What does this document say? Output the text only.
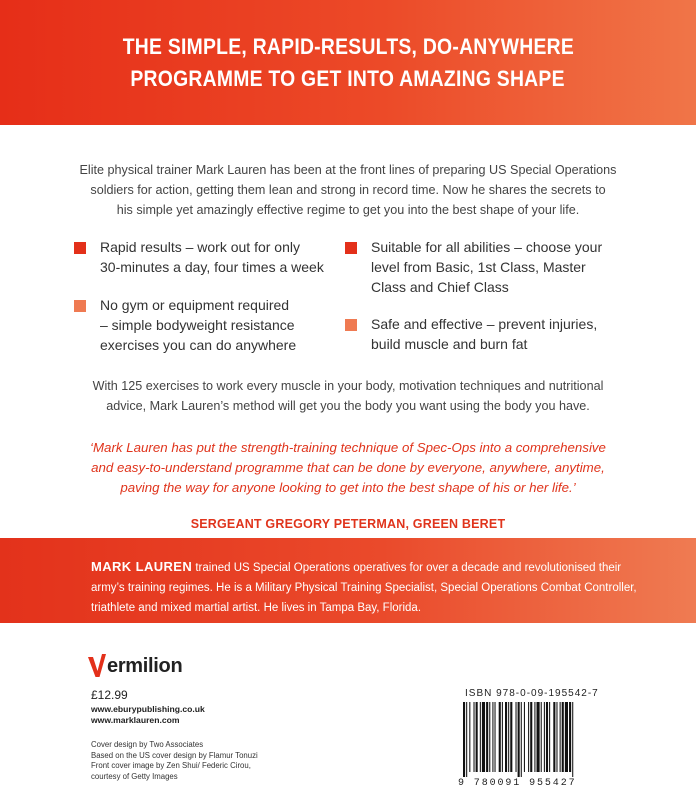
THE SIMPLE, RAPID-RESULTS, DO-ANYWHERE
PROGRAMME TO GET INTO AMAZING SHAPE
Elite physical trainer Mark Lauren has been at the front lines of preparing US Special Operations
soldiers for action, getting them lean and strong in record time. Now he shares the secrets to
his simple yet amazingly effective regime to get you into the best shape of your life.
Rapid results – work out for only
30-minutes a day, four times a week
Suitable for all abilities – choose your
level from Basic, 1st Class, Master
Class and Chief Class
No gym or equipment required
– simple bodyweight resistance
exercises you can do anywhere
Safe and effective – prevent injuries,
build muscle and burn fat
With 125 exercises to work every muscle in your body, motivation techniques and nutritional
advice, Mark Lauren’s method will get you the body you want using the body you have.
‘Mark Lauren has put the strength-training technique of Spec-Ops into a comprehensive
and easy-to-understand programme that can be done by everyone, anywhere, anytime,
paving the way for anyone looking to get into the best shape of his or her life.’
SERGEANT GREGORY PETERMAN, GREEN BERET
MARK LAUREN trained US Special Operations operatives for over a decade and revolutionised their
army’s training regimes. He is a Military Physical Training Specialist, Special Operations Combat Controller,
triathlete and mixed martial artist. He lives in Tampa Bay, Florida.
ermilion
£12.99
www.eburypublishing.co.uk
www.marklauren.com
Cover design by Two Associates
Based on the US cover design by Flamur Tonuzi
Front cover image by Zen Shui/ Federic Cirou,
courtesy of Getty Images
ISBN 978-0-09-195542-7
9 780091 955427
